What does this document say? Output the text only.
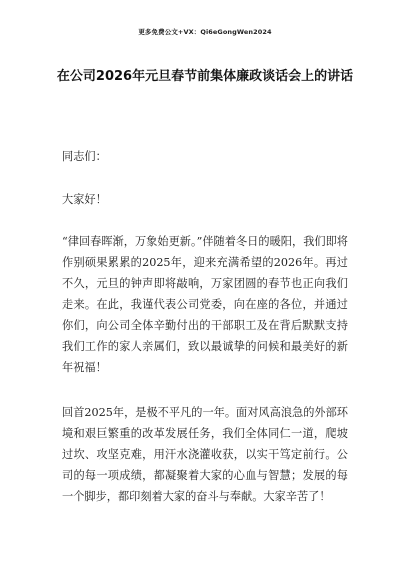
更多免费公文+VX：Qi6eGongWen2024
在公司2026年元旦春节前集体廉政谈话会上的讲话

同志们：

大家好！

“律回春晖渐，万象始更新。”伴随着冬日的暖阳，我们即将作别硕果累累的2025年，迎来充满希望的2026年。再过不久，元旦的钟声即将敲响，万家团圆的春节也正向我们走来。在此，我谨代表公司党委，向在座的各位，并通过你们，向公司全体辛勤付出的干部职工及在背后默默支持我们工作的家人亲属们，致以最诚挚的问候和最美好的新年祝福！

回首2025年，是极不平凡的一年。面对风高浪急的外部环境和艰巨繁重的改革发展任务，我们全体同仁一道，爬坡过坎、攻坚克难，用汗水浇灌收获，以实干笃定前行。公司的每一项成绩，都凝聚着大家的心血与智慧；发展的每一个脚步，都印刻着大家的奋斗与奉献。大家辛苦了！
